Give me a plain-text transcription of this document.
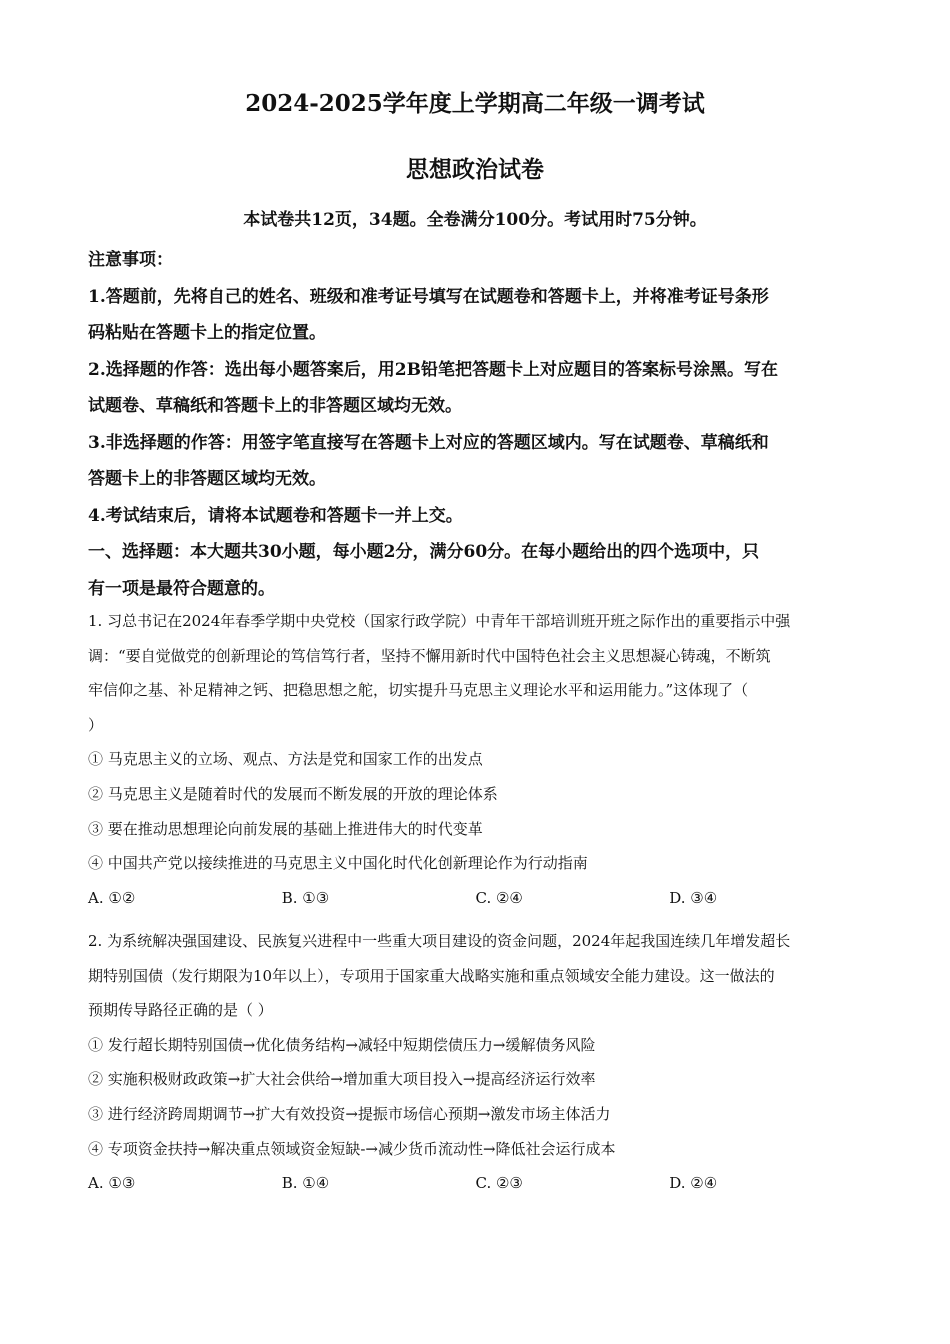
2024-2025学年度上学期高二年级一调考试
思想政治试卷
本试卷共12页，34题。全卷满分100分。考试用时75分钟。
注意事项：
1.答题前，先将自己的姓名、班级和准考证号填写在试题卷和答题卡上，并将准考证号条形
码粘贴在答题卡上的指定位置。
2.选择题的作答：选出每小题答案后，用2B铅笔把答题卡上对应题目的答案标号涂黑。写在
试题卷、草稿纸和答题卡上的非答题区域均无效。
3.非选择题的作答：用签字笔直接写在答题卡上对应的答题区域内。写在试题卷、草稿纸和
答题卡上的非答题区域均无效。
4.考试结束后，请将本试题卷和答题卡一并上交。
一、选择题：本大题共30小题，每小题2分，满分60分。在每小题给出的四个选项中，只
有一项是最符合题意的。
1. 习总书记在2024年春季学期中央党校（国家行政学院）中青年干部培训班开班之际作出的重要指示中强
调：“要自觉做党的创新理论的笃信笃行者，坚持不懈用新时代中国特色社会主义思想凝心铸魂，不断筑
牢信仰之基、补足精神之钙、把稳思想之舵，切实提升马克思主义理论水平和运用能力。”这体现了（
）
① 马克思主义的立场、观点、方法是党和国家工作的出发点
② 马克思主义是随着时代的发展而不断发展的开放的理论体系
③ 要在推动思想理论向前发展的基础上推进伟大的时代变革
④ 中国共产党以接续推进的马克思主义中国化时代化创新理论作为行动指南
A. ①②	B. ①③	C. ②④	D. ③④
2. 为系统解决强国建设、民族复兴进程中一些重大项目建设的资金问题，2024年起我国连续几年增发超长
期特别国债（发行期限为10年以上），专项用于国家重大战略实施和重点领域安全能力建设。这一做法的
预期传导路径正确的是（ ）
① 发行超长期特别国债→优化债务结构→减轻中短期偿债压力→缓解债务风险
② 实施积极财政政策→扩大社会供给→增加重大项目投入→提高经济运行效率
③ 进行经济跨周期调节→扩大有效投资→提振市场信心预期→激发市场主体活力
④ 专项资金扶持→解决重点领域资金短缺-→减少货币流动性→降低社会运行成本
A. ①③	B. ①④	C. ②③	D. ②④
